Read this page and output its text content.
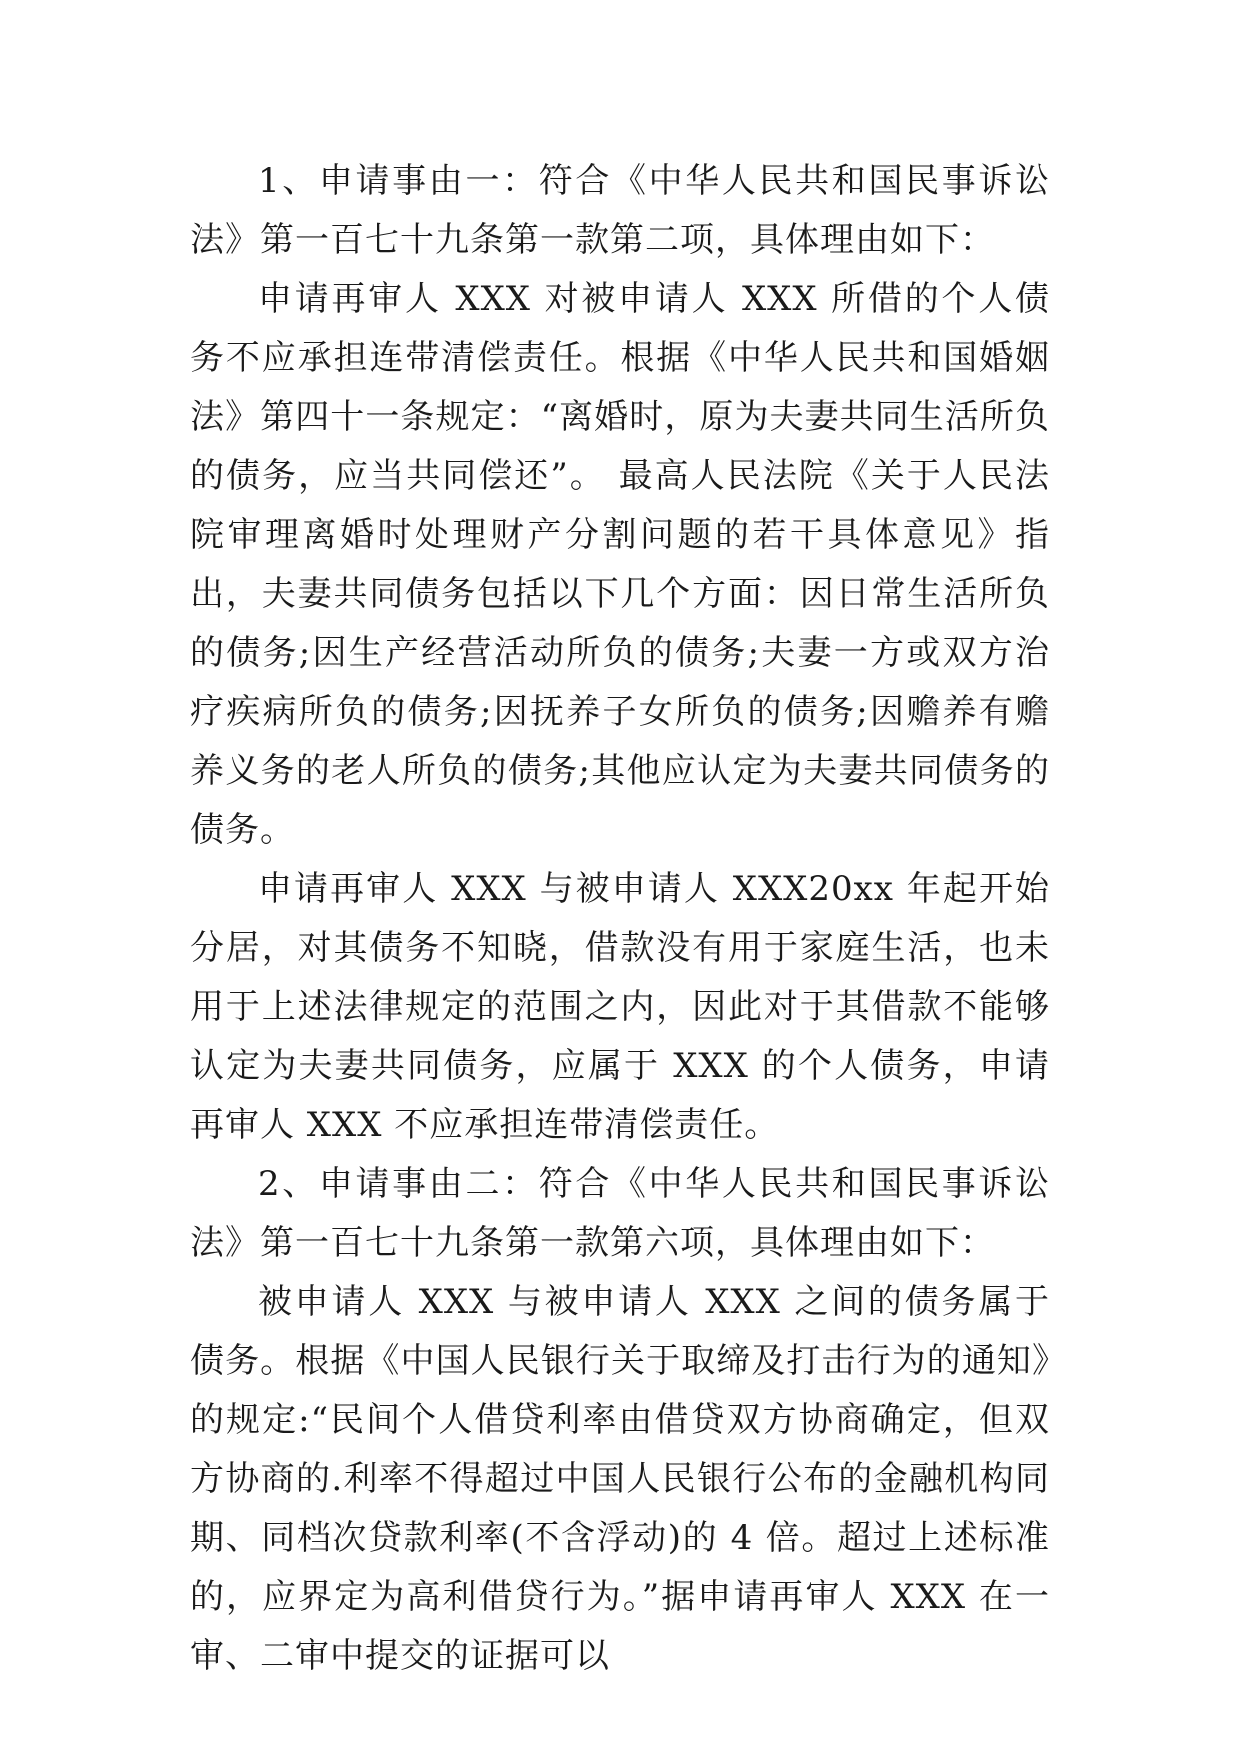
1、申请事由一：符合《中华人民共和国民事诉讼法》第一百七十九条第一款第二项，具体理由如下：

申请再审人 XXX 对被申请人 XXX 所借的个人债务不应承担连带清偿责任。根据《中华人民共和国婚姻法》第四十一条规定：“离婚时，原为夫妻共同生活所负的债务，应当共同偿还”。 最高人民法院《关于人民法院审理离婚时处理财产分割问题的若干具体意见》指出，夫妻共同债务包括以下几个方面：因日常生活所负的债务;因生产经营活动所负的债务;夫妻一方或双方治疗疾病所负的债务;因抚养子女所负的债务;因赡养有赡养义务的老人所负的债务;其他应认定为夫妻共同债务的债务。

申请再审人 XXX 与被申请人 XXX20xx 年起开始分居，对其债务不知晓，借款没有用于家庭生活，也未用于上述法律规定的范围之内，因此对于其借款不能够认定为夫妻共同债务，应属于 XXX 的个人债务，申请再审人 XXX 不应承担连带清偿责任。

2、申请事由二：符合《中华人民共和国民事诉讼法》第一百七十九条第一款第六项，具体理由如下：

被申请人 XXX 与被申请人 XXX 之间的债务属于债务。根据《中国人民银行关于取缔及打击行为的通知》的规定:“民间个人借贷利率由借贷双方协商确定，但双方协商的.利率不得超过中国人民银行公布的金融机构同期、同档次贷款利率(不含浮动)的 4 倍。超过上述标准的，应界定为高利借贷行为。”据申请再审人 XXX 在一审、二审中提交的证据可以
